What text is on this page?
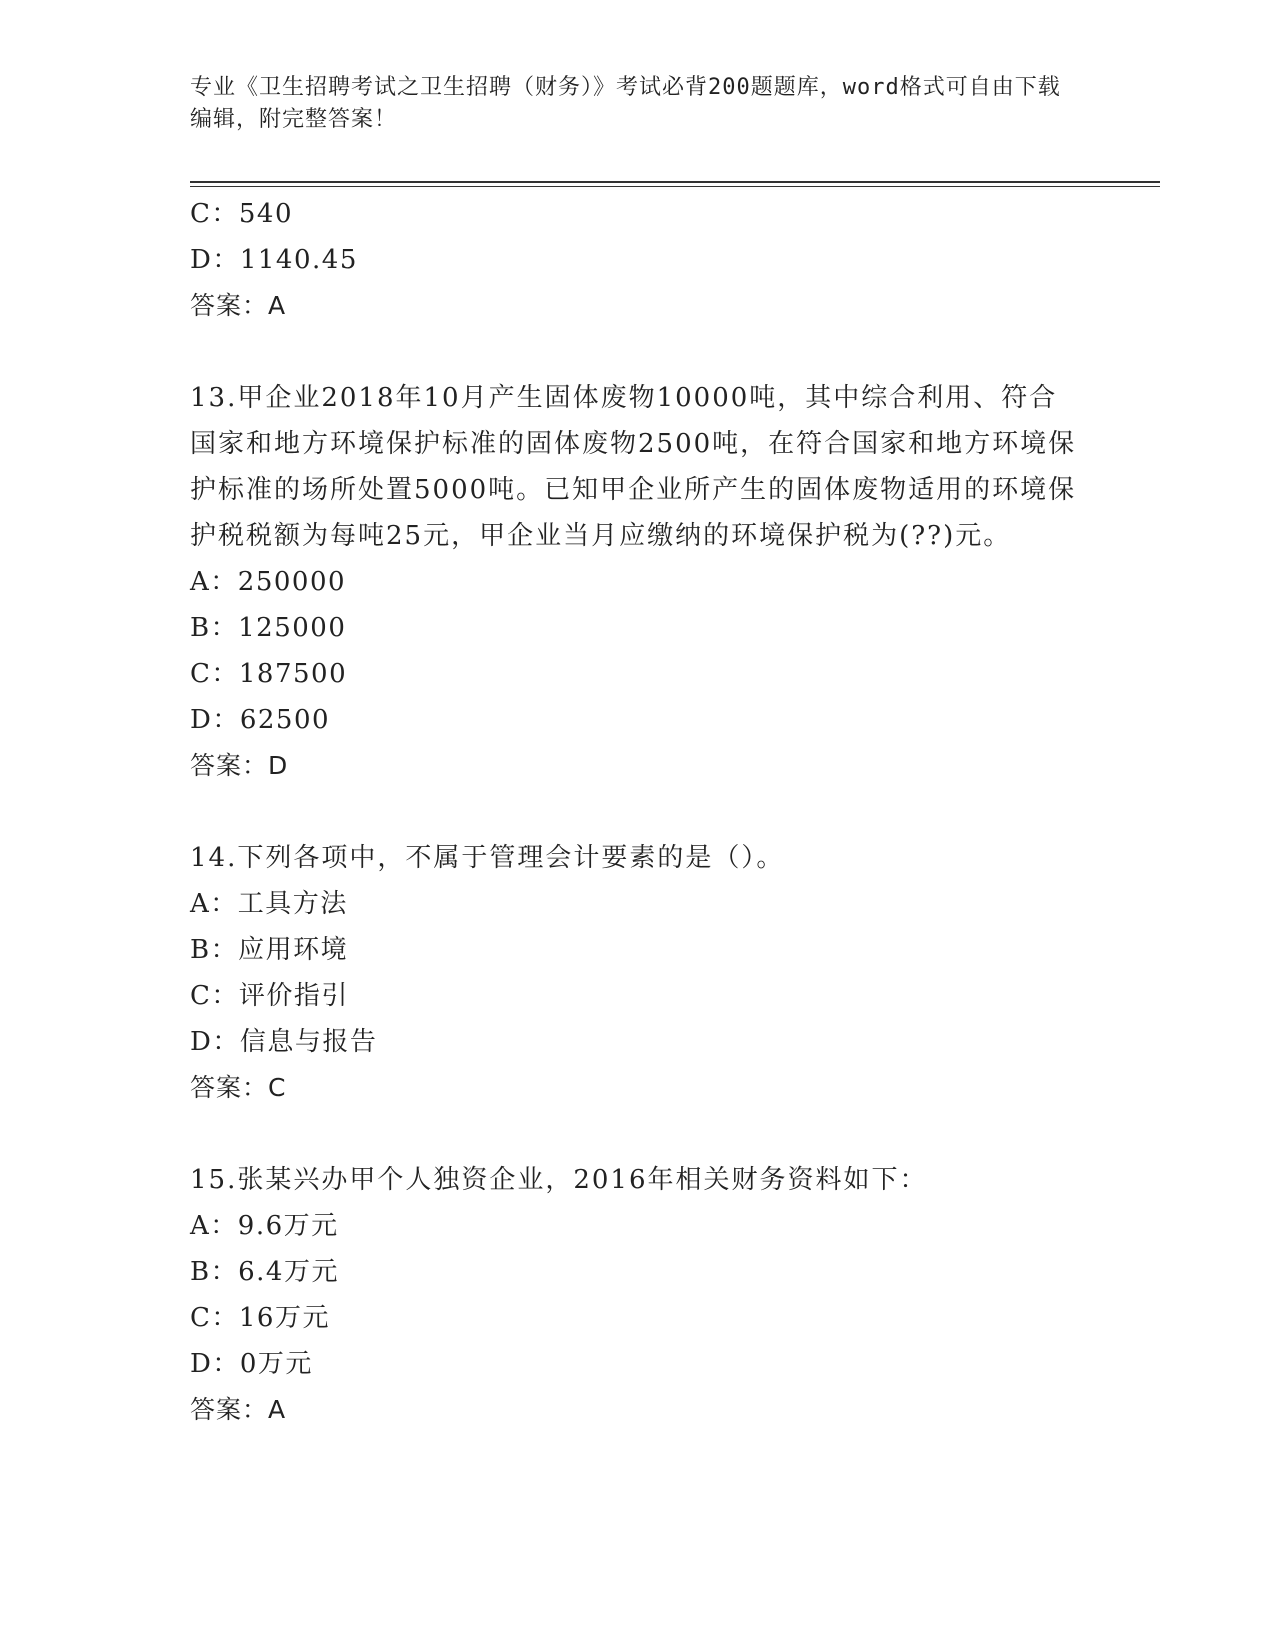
专业《卫生招聘考试之卫生招聘（财务）》考试必背200题题库，word格式可自由下载编辑，附完整答案！
C：540
D：1140.45
答案：A
13.甲企业2018年10月产生固体废物10000吨，其中综合利用、符合国家和地方环境保护标准的固体废物2500吨，在符合国家和地方环境保护标准的场所处置5000吨。已知甲企业所产生的固体废物适用的环境保护税税额为每吨25元，甲企业当月应缴纳的环境保护税为(??)元。
A：250000
B：125000
C：187500
D：62500
答案：D
14.下列各项中，不属于管理会计要素的是（）。
A：工具方法
B：应用环境
C：评价指引
D：信息与报告
答案：C
15.张某兴办甲个人独资企业，2016年相关财务资料如下：
A：9.6万元
B：6.4万元
C：16万元
D：0万元
答案：A
